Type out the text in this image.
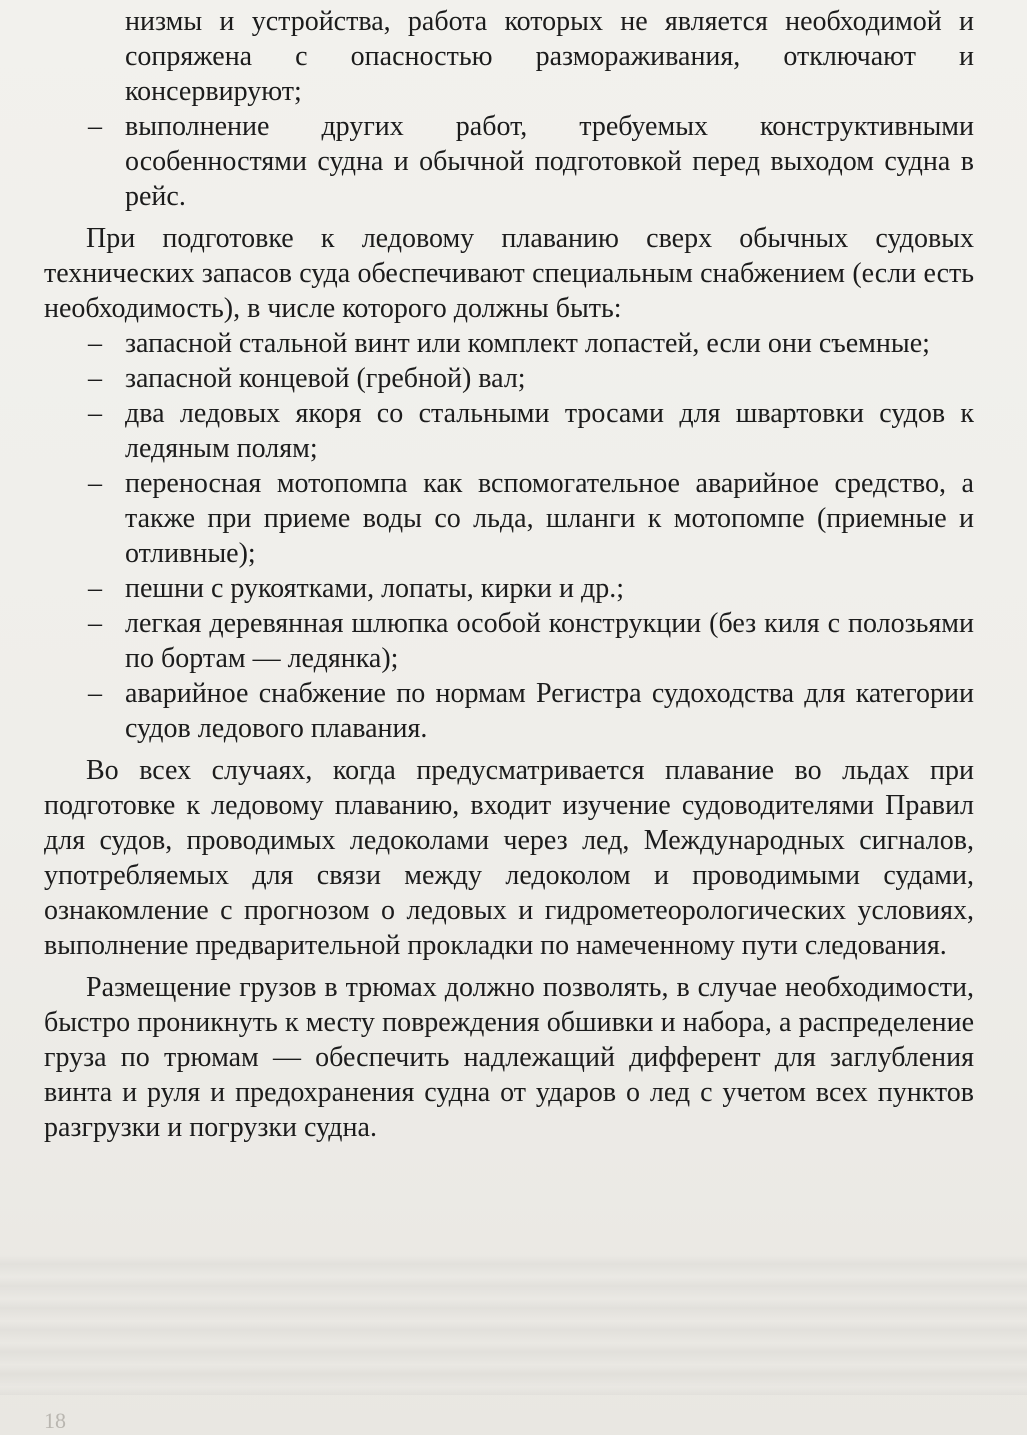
низмы и устройства, работа которых не является необходимой и сопряжена с опасностью размораживания, отключают и консервируют;

– выполнение других работ, требуемых конструктивными особенностями судна и обычной подготовкой перед выходом судна в рейс.

При подготовке к ледовому плаванию сверх обычных судовых технических запасов суда обеспечивают специальным снабжением (если есть необходимость), в числе которого должны быть:

– запасной стальной винт или комплект лопастей, если они съемные;
– запасной концевой (гребной) вал;
– два ледовых якоря со стальными тросами для швартовки судов к ледяным полям;
– переносная мотопомпа как вспомогательное аварийное средство, а также при приеме воды со льда, шланги к мотопомпе (приемные и отливные);
– пешни с рукоятками, лопаты, кирки и др.;
– легкая деревянная шлюпка особой конструкции (без киля с полозьями по бортам — ледянка);
– аварийное снабжение по нормам Регистра судоходства для категории судов ледового плавания.

Во всех случаях, когда предусматривается плавание во льдах при подготовке к ледовому плаванию, входит изучение судоводителями Правил для судов, проводимых ледоколами через лед, Международных сигналов, употребляемых для связи между ледоколом и проводимыми судами, ознакомление с прогнозом о ледовых и гидрометеорологических условиях, выполнение предварительной прокладки по намеченному пути следования.

Размещение грузов в трюмах должно позволять, в случае необходимости, быстро проникнуть к месту повреждения обшивки и набора, а распределение груза по трюмам — обеспечить надлежащий дифферент для заглубления винта и руля и предохранения судна от ударов о лед с учетом всех пунктов разгрузки и погрузки судна.

18
